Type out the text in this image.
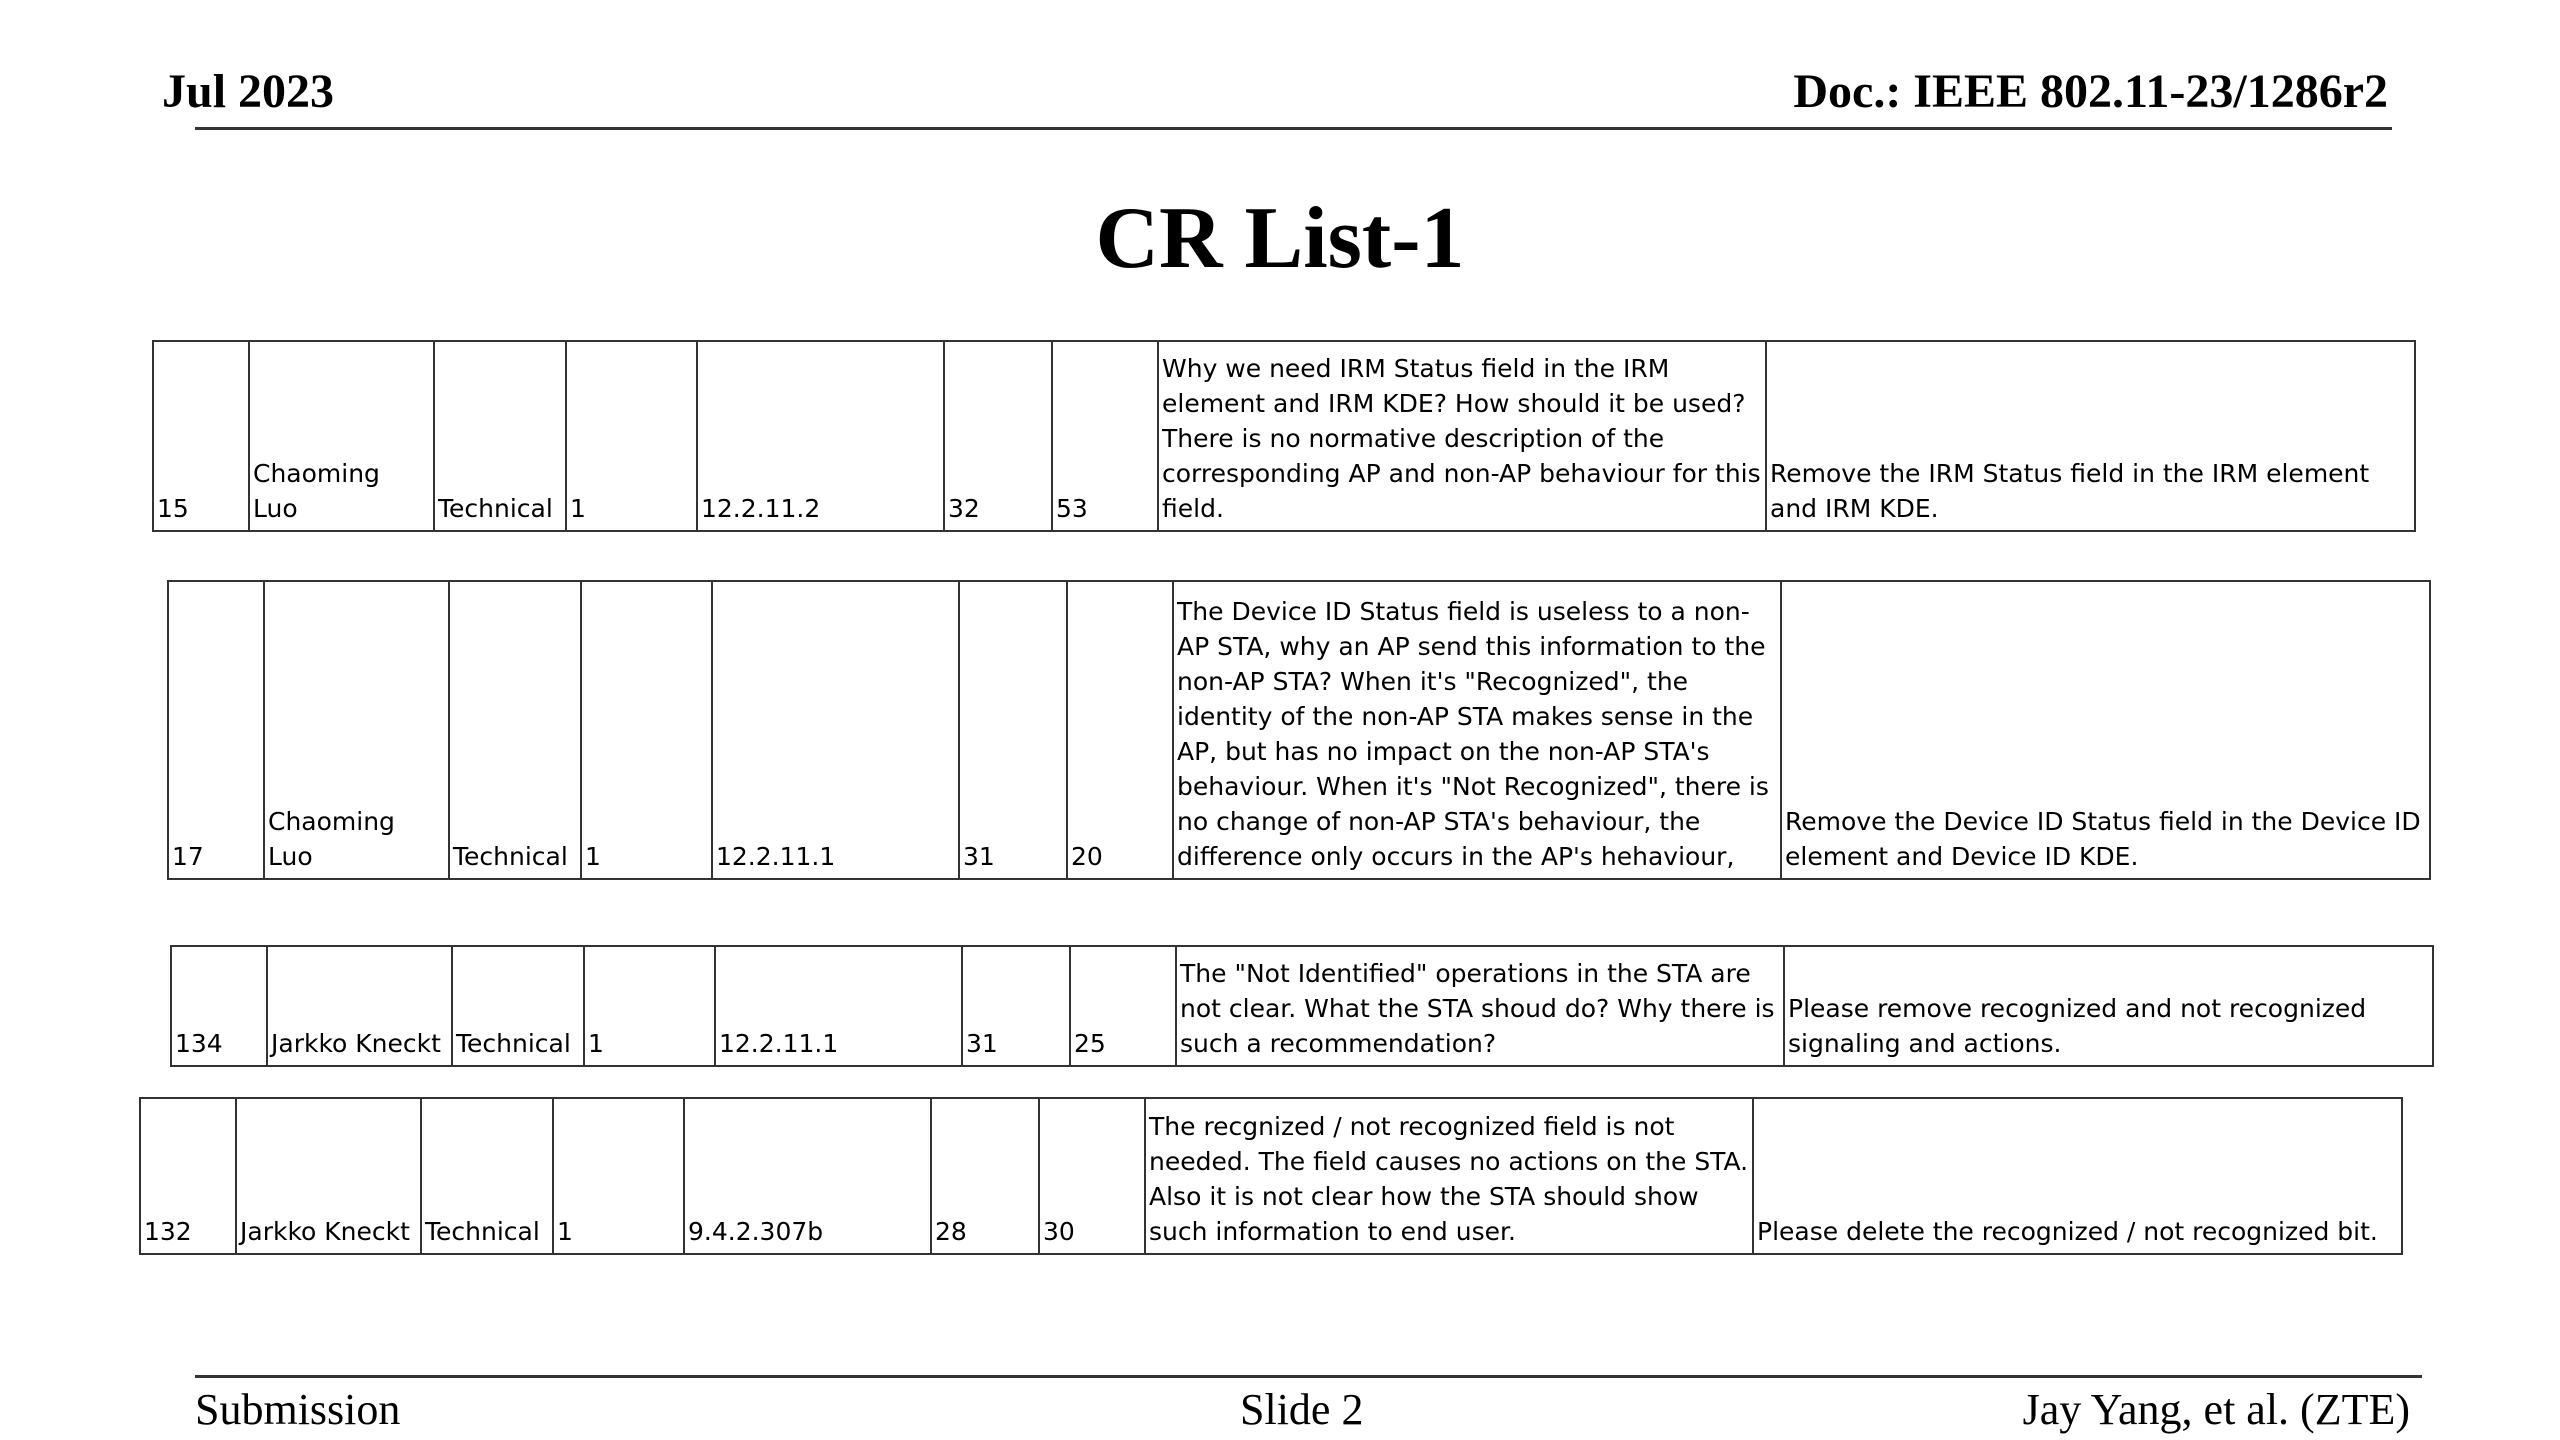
Jul 2023	Doc.: IEEE 802.11-23/1286r2
CR List-1
15	Chaoming Luo	Technical	1	12.2.11.2	32	53	Why we need IRM Status field in the IRM element and IRM KDE? How should it be used? There is no normative description of the corresponding AP and non-AP behaviour for this field.	Remove the IRM Status field in the IRM element and IRM KDE.
17	Chaoming Luo	Technical	1	12.2.11.1	31	20	The Device ID Status field is useless to a non-AP STA, why an AP send this information to the non-AP STA? When it's "Recognized", the identity of the non-AP STA makes sense in the AP, but has no impact on the non-AP STA's behaviour. When it's "Not Recognized", there is no change of non-AP STA's behaviour, the difference only occurs in the AP's hehaviour,	Remove the Device ID Status field in the Device ID element and Device ID KDE.
134	Jarkko Kneckt	Technical	1	12.2.11.1	31	25	The "Not Identified" operations in the STA are not clear. What the STA shoud do? Why there is such a recommendation?	Please remove recognized and not recognized signaling and actions.
132	Jarkko Kneckt	Technical	1	9.4.2.307b	28	30	The recgnized / not recognized field is not needed. The field causes no actions on the STA. Also it is not clear how the STA should show such information to end user.	Please delete the recognized / not recognized bit.
Submission	Slide 2	Jay Yang, et al. (ZTE)
